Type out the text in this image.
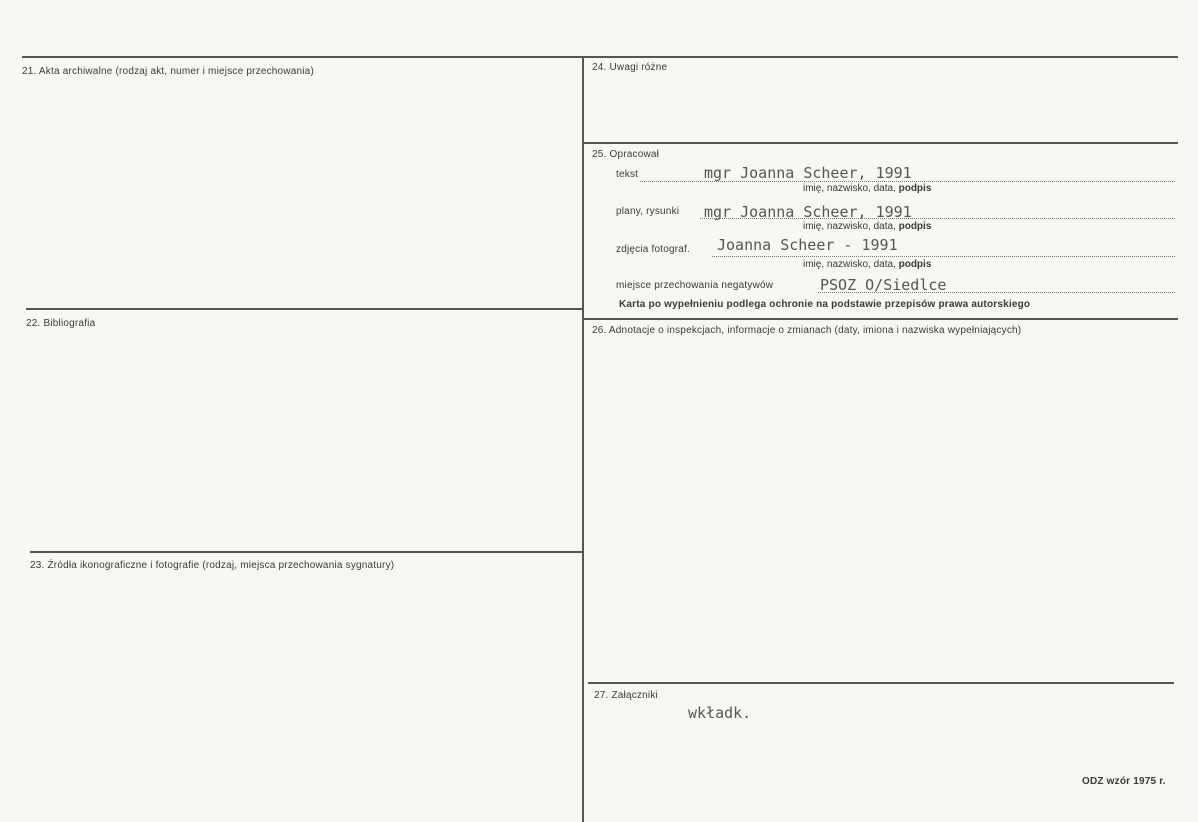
21. Akta archiwalne (rodzaj akt, numer i miejsce przechowania)
22. Bibliografia
23. Źródła ikonograficzne i fotografie (rodzaj, miejsca przechowania sygnatury)
24. Uwagi różne
25. Opracował
tekst	mgr Joanna Scheer, 1991
imię, nazwisko, data, podpis
plany, rysunki mgr Joanna Scheer, 1991
imię, nazwisko, data, podpis
zdjęcia fotograf. Joanna Scheer - 1991
imię, nazwisko, data, podpis
miejsce przechowania negatywów	PSOZ O/Siedlce
Karta po wypełnieniu podlega ochronie na podstawie przepisów prawa autorskiego
26. Adnotacje o inspekcjach, informacje o zmianach (daty, imiona i nazwiska wypełniających)
27. Załączniki
wkładk.
ODZ wzór 1975 r.
